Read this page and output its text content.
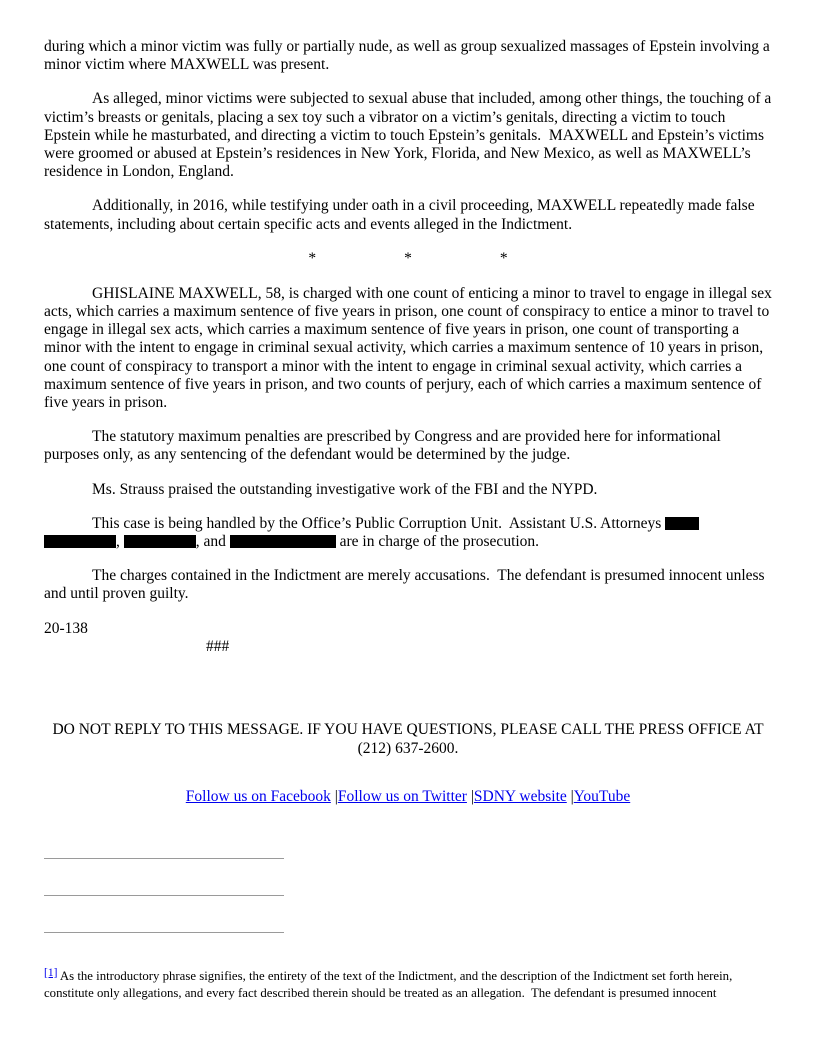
during which a minor victim was fully or partially nude, as well as group sexualized massages of Epstein involving a minor victim where MAXWELL was present.

As alleged, minor victims were subjected to sexual abuse that included, among other things, the touching of a victim’s breasts or genitals, placing a sex toy such a vibrator on a victim’s genitals, directing a victim to touch Epstein while he masturbated, and directing a victim to touch Epstein’s genitals.  MAXWELL and Epstein’s victims were groomed or abused at Epstein’s residences in New York, Florida, and New Mexico, as well as MAXWELL’s residence in London, England.

Additionally, in 2016, while testifying under oath in a civil proceeding, MAXWELL repeatedly made false statements, including about certain specific acts and events alleged in the Indictment.

*	*	*

GHISLAINE MAXWELL, 58, is charged with one count of enticing a minor to travel to engage in illegal sex acts, which carries a maximum sentence of five years in prison, one count of conspiracy to entice a minor to travel to engage in illegal sex acts, which carries a maximum sentence of five years in prison, one count of transporting a minor with the intent to engage in criminal sexual activity, which carries a maximum sentence of 10 years in prison, one count of conspiracy to transport a minor with the intent to engage in criminal sexual activity, which carries a maximum sentence of five years in prison, and two counts of perjury, each of which carries a maximum sentence of five years in prison.

The statutory maximum penalties are prescribed by Congress and are provided here for informational purposes only, as any sentencing of the defendant would be determined by the judge.

Ms. Strauss praised the outstanding investigative work of the FBI and the NYPD.

This case is being handled by the Office’s Public Corruption Unit.  Assistant U.S. Attorneys  ,	, and	are in charge of the prosecution.

The charges contained in the Indictment are merely accusations.  The defendant is presumed innocent unless and until proven guilty.

20-138

###

DO NOT REPLY TO THIS MESSAGE. IF YOU HAVE QUESTIONS, PLEASE CALL THE PRESS OFFICE AT (212) 637-2600.

Follow us on Facebook |Follow us on Twitter |SDNY website |YouTube

[1] As the introductory phrase signifies, the entirety of the text of the Indictment, and the description of the Indictment set forth herein, constitute only allegations, and every fact described therein should be treated as an allegation.  The defendant is presumed innocent
